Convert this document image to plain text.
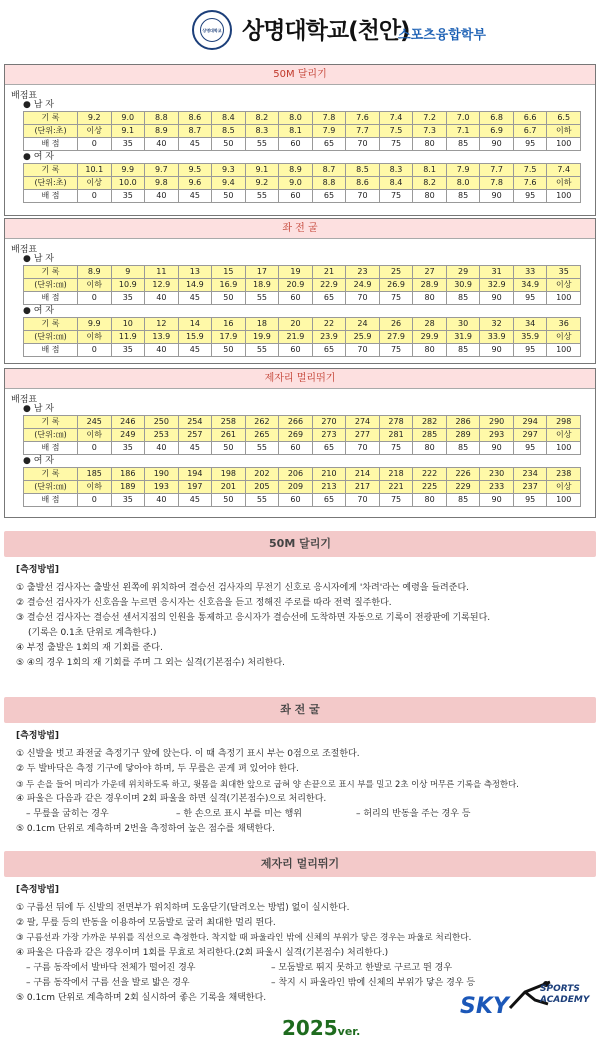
상명대학교 상명대학교(천안)
스포츠융합학부
50M 달리기
배점표
● 남 자
기 록	9.2	9.0	8.8	8.6	8.4	8.2	8.0	7.8	7.6	7.4	7.2	7.0	6.8	6.6	6.5
(단위:초)	이상	9.1	8.9	8.7	8.5	8.3	8.1	7.9	7.7	7.5	7.3	7.1	6.9	6.7	이하
배 점	0	35	40	45	50	55	60	65	70	75	80	85	90	95	100
● 여 자
기 록	10.1	9.9	9.7	9.5	9.3	9.1	8.9	8.7	8.5	8.3	8.1	7.9	7.7	7.5	7.4
(단위:초)	이상	10.0	9.8	9.6	9.4	9.2	9.0	8.8	8.6	8.4	8.2	8.0	7.8	7.6	이하
배 점	0	35	40	45	50	55	60	65	70	75	80	85	90	95	100
좌 전 굴
배점표
● 남 자
기 록	8.9	9	11	13	15	17	19	21	23	25	27	29	31	33	35
(단위:㎝)	이하	10.9	12.9	14.9	16.9	18.9	20.9	22.9	24.9	26.9	28.9	30.9	32.9	34.9	이상
배 점	0	35	40	45	50	55	60	65	70	75	80	85	90	95	100
● 여 자
기 록	9.9	10	12	14	16	18	20	22	24	26	28	30	32	34	36
(단위:㎝)	이하	11.9	13.9	15.9	17.9	19.9	21.9	23.9	25.9	27.9	29.9	31.9	33.9	35.9	이상
배 점	0	35	40	45	50	55	60	65	70	75	80	85	90	95	100
제자리 멀리뛰기
배점표
● 남 자
기 록	245	246	250	254	258	262	266	270	274	278	282	286	290	294	298
(단위:㎝)	이하	249	253	257	261	265	269	273	277	281	285	289	293	297	이상
배 점	0	35	40	45	50	55	60	65	70	75	80	85	90	95	100
● 여 자
기 록	185	186	190	194	198	202	206	210	214	218	222	226	230	234	238
(단위:㎝)	이하	189	193	197	201	205	209	213	217	221	225	229	233	237	이상
배 점	0	35	40	45	50	55	60	65	70	75	80	85	90	95	100
50M 달리기
[측정방법]
① 출발선 검사자는 출발선 왼쪽에 위치하여 결승선 검사자의 무전기 신호로 응시자에게 '차려'라는 예령을 들려준다.
② 결승선 검사자가 신호음을 누르면 응시자는 신호음을 듣고 정해진 주로를 따라 전력 질주한다.
③ 결승선 검사자는 결승선 센서지점의 인원을 통제하고 응시자가 결승선에 도착하면 자동으로 기록이 전광판에 기록된다.
(기록은 0.1초 단위로 계측한다.)
④ 부정 출발은 1회의 재 기회를 준다.
⑤ ④의 경우 1회의 재 기회를 주며 그 외는 실격(기본점수) 처리한다.
좌 전 굴
[측정방법]
① 신발을 벗고 좌전굴 측정기구 앞에 앉는다. 이 때 측정기 표시 부는 0점으로 조절한다.
② 두 발바닥은 측정 기구에 닿아야 하며, 두 무릎은 곧게 펴 있어야 한다.
③ 두 손을 들어 머리가 가운데 위치하도록 하고, 윗몸을 최대한 앞으로 굽혀 양 손끝으로 표시 부를 밀고 2초 이상 머무른 기록을 측정한다.
④ 파울은 다음과 같은 경우이며 2회 파울을 하면 실격(기본점수)으로 처리한다.
– 무릎을 굽히는 경우	– 한 손으로 표시 부를 미는 행위	– 허리의 반동을 주는 경우 등
⑤ 0.1cm 단위로 계측하며 2번을 측정하여 높은 점수를 채택한다.
제자리 멀리뛰기
[측정방법]
① 구름선 뒤에 두 신발의 전면부가 위치하며 도움닫기(달려오는 방법) 없이 실시한다.
② 팔, 무릎 등의 반동을 이용하여 모둠발로 굴러 최대한 멀리 뛴다.
③ 구름선과 가장 가까운 부위를 직선으로 측정한다. 착지할 때 파울라인 밖에 신체의 부위가 닿은 경우는 파울로 처리한다.
④ 파울은 다음과 같은 경우이며 1회를 무효로 처리한다.(2회 파울시 실격(기본점수) 처리한다.)
– 구름 동작에서 발바닥 전체가 떨어진 경우	– 모둠발로 뛰지 못하고 한발로 구르고 뛴 경우
– 구름 동작에서 구름 선을 발로 밟은 경우	– 착지 시 파울라인 밖에 신체의 부위가 닿은 경우 등
⑤ 0.1cm 단위로 계측하며 2회 실시하여 좋은 기록을 채택한다.
2025ver.
SKY
SPORTS
ACADEMY
